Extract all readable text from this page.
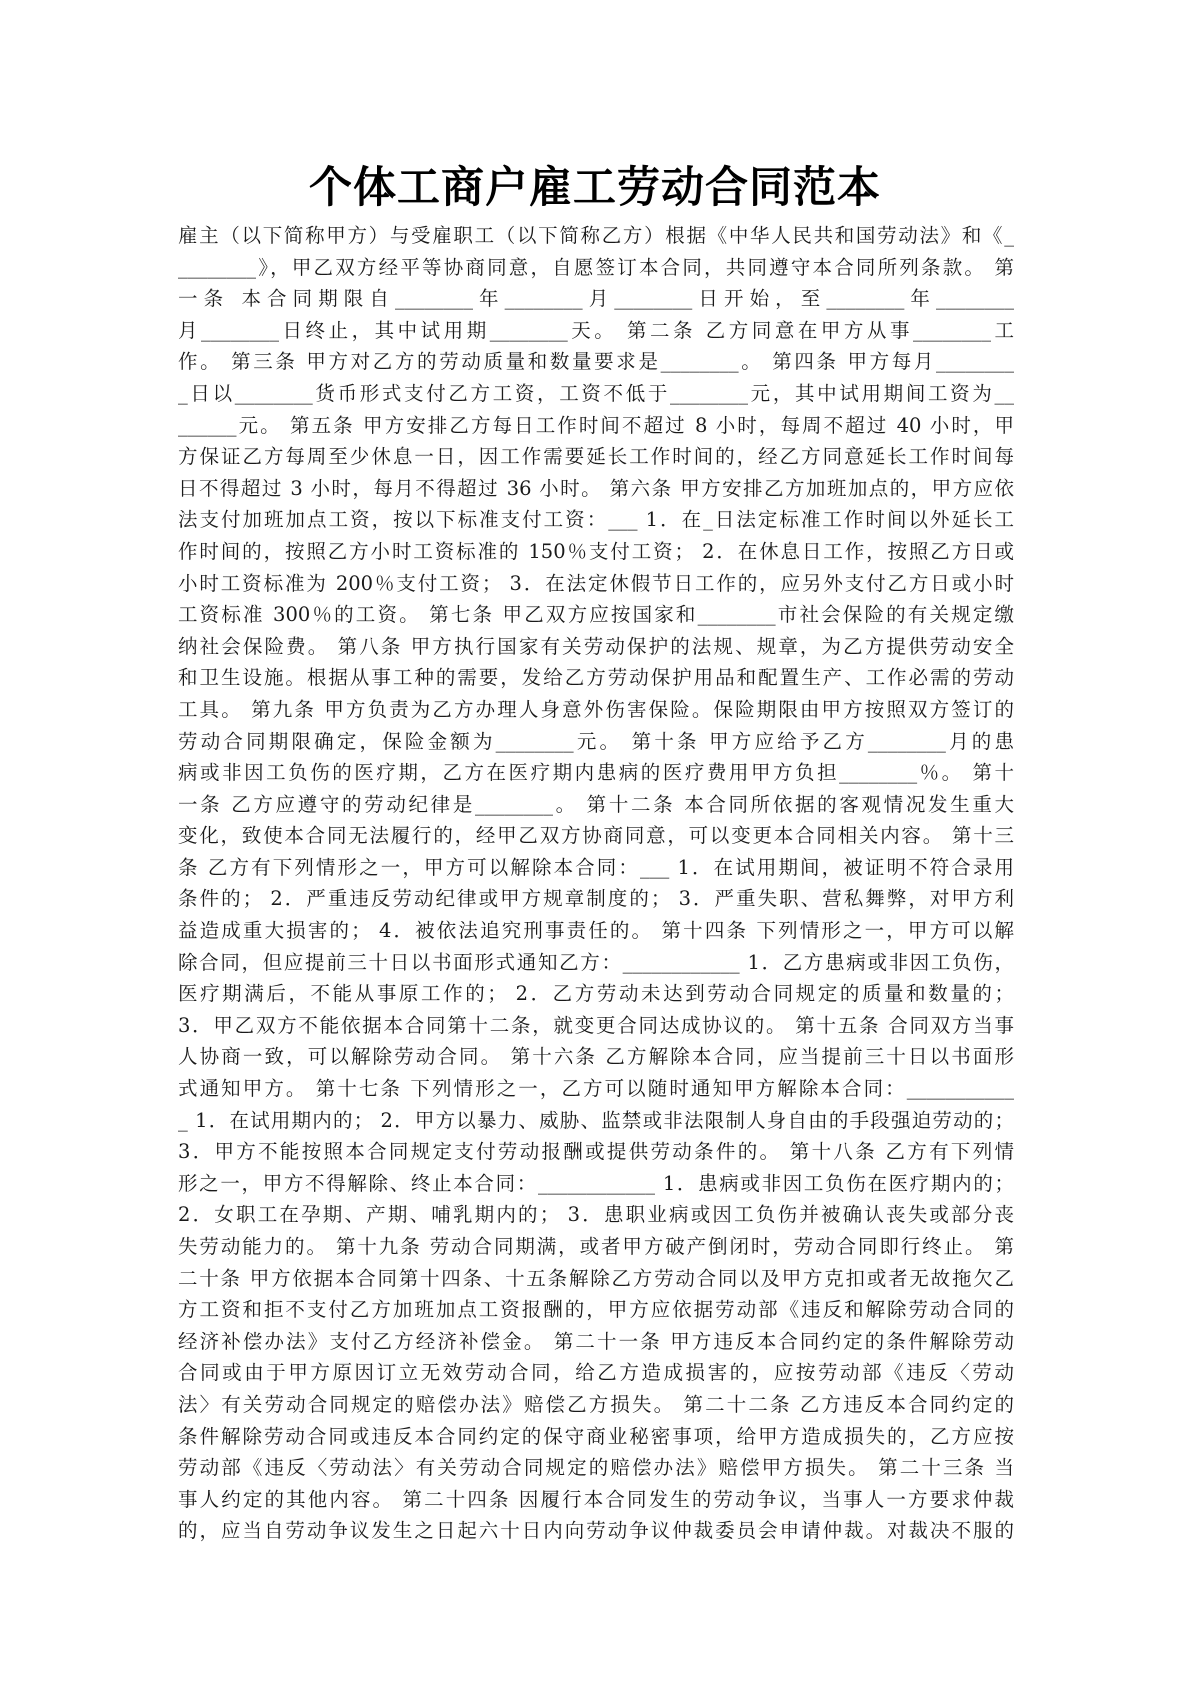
个体工商户雇工劳动合同范本
雇主（以下简称甲方）与受雇职工（以下简称乙方）根据《中华人民共和国劳动法》和《_
________》，甲乙双方经平等协商同意，自愿签订本合同，共同遵守本合同所列条款。 第
一条 本合同期限自________年________月________日开始，至________年________
月________日终止，其中试用期________天。 第二条 乙方同意在甲方从事________工
作。 第三条 甲方对乙方的劳动质量和数量要求是________。 第四条 甲方每月________
_日以________货币形式支付乙方工资，工资不低于________元，其中试用期间工资为__
______元。 第五条 甲方安排乙方每日工作时间不超过 8 小时，每周不超过 40 小时，甲
方保证乙方每周至少休息一日，因工作需要延长工作时间的，经乙方同意延长工作时间每
日不得超过 3 小时，每月不得超过 36 小时。 第六条 甲方安排乙方加班加点的，甲方应依
法支付加班加点工资，按以下标准支付工资：___ 1．在_日法定标准工作时间以外延长工
作时间的，按照乙方小时工资标准的 150％支付工资； 2．在休息日工作，按照乙方日或
小时工资标准为 200％支付工资； 3．在法定休假节日工作的，应另外支付乙方日或小时
工资标准 300％的工资。 第七条 甲乙双方应按国家和________市社会保险的有关规定缴
纳社会保险费。 第八条 甲方执行国家有关劳动保护的法规、规章，为乙方提供劳动安全
和卫生设施。根据从事工种的需要，发给乙方劳动保护用品和配置生产、工作必需的劳动
工具。 第九条 甲方负责为乙方办理人身意外伤害保险。保险期限由甲方按照双方签订的
劳动合同期限确定，保险金额为________元。 第十条 甲方应给予乙方________月的患
病或非因工负伤的医疗期，乙方在医疗期内患病的医疗费用甲方负担________％。 第十
一条 乙方应遵守的劳动纪律是________。 第十二条 本合同所依据的客观情况发生重大
变化，致使本合同无法履行的，经甲乙双方协商同意，可以变更本合同相关内容。 第十三
条 乙方有下列情形之一，甲方可以解除本合同：___ 1．在试用期间，被证明不符合录用
条件的； 2．严重违反劳动纪律或甲方规章制度的； 3．严重失职、营私舞弊，对甲方利
益造成重大损害的； 4．被依法追究刑事责任的。 第十四条 下列情形之一，甲方可以解
除合同，但应提前三十日以书面形式通知乙方：____________ 1．乙方患病或非因工负伤，
医疗期满后，不能从事原工作的； 2．乙方劳动未达到劳动合同规定的质量和数量的；
3．甲乙双方不能依据本合同第十二条，就变更合同达成协议的。 第十五条 合同双方当事
人协商一致，可以解除劳动合同。 第十六条 乙方解除本合同，应当提前三十日以书面形
式通知甲方。 第十七条 下列情形之一，乙方可以随时通知甲方解除本合同：___________
_ 1．在试用期内的； 2．甲方以暴力、威胁、监禁或非法限制人身自由的手段强迫劳动的；
3．甲方不能按照本合同规定支付劳动报酬或提供劳动条件的。 第十八条 乙方有下列情
形之一，甲方不得解除、终止本合同：____________ 1．患病或非因工负伤在医疗期内的；
2．女职工在孕期、产期、哺乳期内的； 3．患职业病或因工负伤并被确认丧失或部分丧
失劳动能力的。 第十九条 劳动合同期满，或者甲方破产倒闭时，劳动合同即行终止。 第
二十条 甲方依据本合同第十四条、十五条解除乙方劳动合同以及甲方克扣或者无故拖欠乙
方工资和拒不支付乙方加班加点工资报酬的，甲方应依据劳动部《违反和解除劳动合同的
经济补偿办法》支付乙方经济补偿金。 第二十一条 甲方违反本合同约定的条件解除劳动
合同或由于甲方原因订立无效劳动合同，给乙方造成损害的，应按劳动部《违反〈劳动
法〉有关劳动合同规定的赔偿办法》赔偿乙方损失。 第二十二条 乙方违反本合同约定的
条件解除劳动合同或违反本合同约定的保守商业秘密事项，给甲方造成损失的，乙方应按
劳动部《违反〈劳动法〉有关劳动合同规定的赔偿办法》赔偿甲方损失。 第二十三条 当
事人约定的其他内容。 第二十四条 因履行本合同发生的劳动争议，当事人一方要求仲裁
的，应当自劳动争议发生之日起六十日内向劳动争议仲裁委员会申请仲裁。对裁决不服的
